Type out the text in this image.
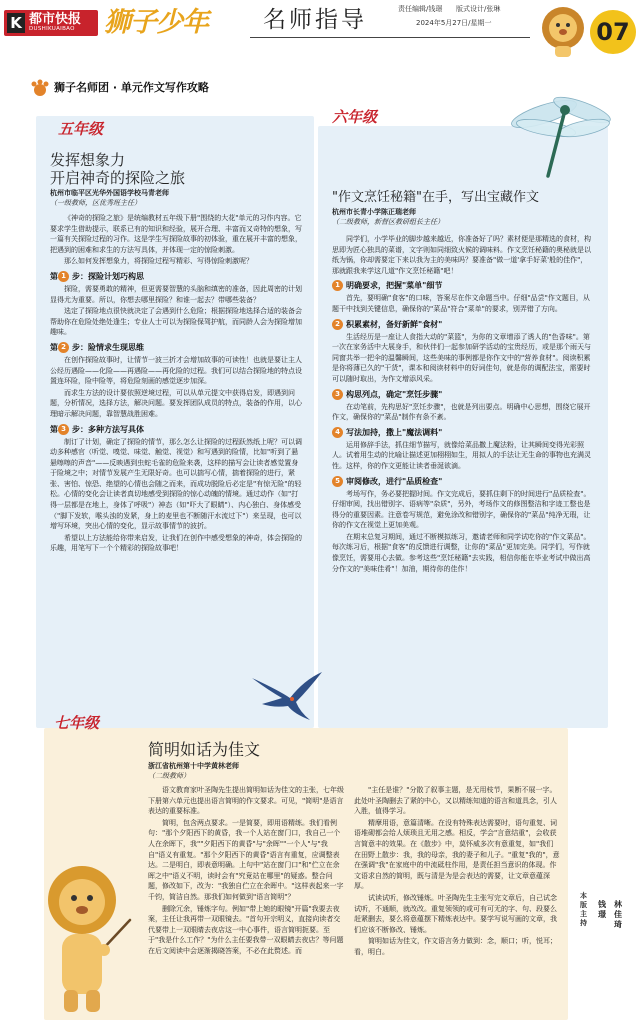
K 都市快报
DUSHIKUAIBAO 狮子少年 名师指导	责任编辑/钱璟 版式设计/张琳
2024年5月27日/星期一	07
狮子名师团 · 单元作文写作攻略
五年级
发挥想象力
开启神奇的探险之旅
杭州市临平区光华外国语学校马青老师
（一级教师，区优秀班主任）

《神奇的探险之旅》是统编教材五年级下册"围绕的大花"单元的习作内容。它要求学生借助提示，联系已有的知识和经验，展开合理、丰富而又奇特的想象，写一篇有关探险过程的习作。这是学生写探险故事的初体验，重在展开丰富的想象，把遇到的困难和求生的方法写具体，并体现一定的惊险刺激。

那么如何发挥想象力，将探险过程写精彩、写得惊险刺激呢？

第 1 步：探险计划巧构思

探险，需要勇敢的精神，但更需要智慧的头脑和缜密的准备，因此周密的计划显得尤为重要。所以，你想去哪里探险？和谁一起去？带哪些装备？

选定了探险地点很快就决定了会遇到什么危险；根据探险地选择合适的装备会帮助你在危险处绝处逢生；专业人士可以为探险保驾护航，而同龄人会为探险增加趣味。

第 2 步：险情求生现思维

在创作探险故事时，让情节一波三折才会增加故事的可读性！也就是要让主人公经历遇险——化险——再遇险——再化险的过程。我们可以结合探险地的特点设置连环险，险中险等，将危险刻画的感觉逐步加深。

而求生方法的设计要依照逆境过程，可以从单元提文中获得启发，即遇到问题，分析情况，选择方法，解决问题。要发挥团队成员的特点，装备的作用，以心理暗示解决问题，靠智慧战胜困难。

第 3 步：多种方法写具体

制订了计划，确定了探险的情节，那么怎么让探险的过程跃然纸上呢？可以调动多种感官（听觉、嗅觉、味觉、触觉、视觉）和写遇到的险情，比如"听到了悬悬嚓嚓的声音"——反映遇到虫蛇毛雀的危险来袭，这样的描写会让读者感觉置身于险境之中；对情节发展产生无限好奇。也可以揣写心情，揣着探险的进行，紧张、害怕、惊恐、绝望的心情也会随之而来，而成功脱险后必定是"有惊无险"的轻松。心情的变化会让读者真切地感受到探险的惊心动魄的情境。通过动作（如"打得一层都是在地上，身体了呼吸"）神态（如"吓大了眼睛"）、内心独白、身体感受（"脚下发软，喉头浊的发紧，身上的麦里也不断随汗水流过下"）来呈现，也可以增写环境，突出心情的变化，显示故事情节的波折。

希望以上方法能给你带来启发，让我们在创作中感受想象的神奇，体会探险的乐趣，用笔写下一个个精彩的探险故事吧！

六年级
"作文烹饪秘籍"在手，写出宝藏作文
杭州市长青小学陈正瑞老师
（二级教师，新督区教研组长主任）

同学们，小学毕业的脚步越来越近，你准备好了吗？素材便是那精选的食材，构思即为匠心独具的菜谱，文字则如同细致火候的调味料。作文烹饪秘籍的奥秘就是以纸为锅，你却需要定下来以我为主的美味吗？要准备"做一道'拿手好菜'般的佳作"，那就跟我来学这几道"作文烹饪秘籍"吧！

1 明确要求，把握"菜单"细节

首先，要明确"食客"的口味，答案尽在作文命题当中。仔细"品尝"作文题目，从题干中找到关键信息，确保你的"菜品"符合"菜单"的要求，别弄错了方向。

2 积累素材，备好新鲜"食材"

生活经历是一座让人食指大动的"菜篮"，为你的文章增添了诱人的"色香味"。第一次在家务活中大展身手，和伙伴们一起参加研学活动的宝贵经历，或是那个雨天与同窗共举一把伞的温馨瞬间，这些美味的事例都是你作文中的"营养食材"。阅读积累是你将薄已久的"干货"，课本和阅读材料中的好词佳句，就是你的调配法宝，需要时可以随时取出，为作文增添风采。

3 构思列点，确定"烹饪步骤"

在动笔前，先构思好"烹饪步骤"，也就是列出要点。明确中心思想，围绕它展开作文，确保你的"菜品"制作有条不紊。

4 写法加持，撒上"魔法调料"

运用修辞手法，抓住细节描写，就像给菜品撒上魔法粉，让其瞬间变得光彩照人。试着用生动的比喻让描述更加栩栩如生，用拟人的手法让无生命的事物也充满灵性。这样，你的作文更能让读者垂涎欲滴。

5 审阅修改，进行"品质检查"

考场写作，务必要把握时间。作文完成后，要抓住剩下的时间进行"品质检查"。仔细审阅，找出错别字、语病等"杂质"，另外，考场作文的修图整洁和字迹工整也是得分的重要因素。注意卷写规范，避免涂改和错别字，确保你的"菜品"纯净无瑕，让你的作文在视觉上更加美观。

在期末总复习期间，通过不断模拟练习，邀请老师和同学试吃你的"作文菜品"。每次练习后，根据"食客"的反馈进行调整，让你的"菜品"更加完美。同学们，写作就像烹饪，需要用心去做。参考这些"烹饪秘籍"去实践，相信你能在毕业考试中做出高分作文的"美味佳肴"！加油，期待你的佳作！

七年级
简明如话为佳文
浙江省杭州第十中学黄林老师
（二级教师）

语文教育家叶圣陶先生提出简明如话为佳文的主张，七年级下册第六单元也提出语言简明的作文要求。可见，"简明"是语言表达的重要标准。

简明，包含两点要求。一是简要，即用语精练。我们看例句："那个夕阳西下的黄昏，我一个人站在窗门口，我自己一个人在余晖下，我""夕阳西下的黄昏"与"余晖""一个人"与"我自"语义有重复。"那个夕阳西下的黄昏"语言有重复，应调整表达。二是明白，即表意明确。上句中"站在窗门口"和"伫立在余晖之中"语义不明，读时会有"究竟站在哪里"的疑惑。整合问题，修改如下，改为："我独自伫立在余晖中。"这样表起来一字千钧，简洁自然。那我们如何做到"语言简明"？

删除冗余，锤炼字句。例如"带上她的眼镜"开篇"我要去夜案，主任让我再带一双眼镜去。"首句开宗明义，直接向读者交代要带上一双眼睛去夜店这一中心事件，语言简明扼要。至于"我是什么工作？"为什么主任要我带一双眼睛去夜店？等问题在后文阅读中会逐渐揭晓答案，不必在此赘述。而

"主任是谁？"分散了叙事主题，是无用枝节，果断不展一字。此处叶圣陶删去了紧的中心，又以精练知道的语言和道具念，引人入胜，值得学习。

精摩用语，意篇清晰。在没有特殊表达需要时，语句重复、词语堆砌都会给人烦琐且无用之感。相反，学会"言意结重"，会收获言简意丰的效果。在《散步》中，莫怀威多次有意重复，如"我们在田野上散步：我，我的母亲，我的妻子和儿子。"重复"我的"，意在强调"我"在家庭中的中流砥柱作用，是责任担当意识的体现。作文语求自然的简明，既与清是为是会表达的需要，让文章意蕴深厚。

试读试听，修改锤炼。叶圣陶先生主张写完文章后，自己试念试听，不通顺，就改改。重复领领的或可有可无的字、句、段要么赶紧删去，要么将意蕴摆下精炼表达中。要学写说写画的文章，我们应该不断修改、锤炼。

简明如话为佳文，作文语言务力做到：念，顺口；听，悦耳；看，明白。

本版主持
钱璟
林佳琦
